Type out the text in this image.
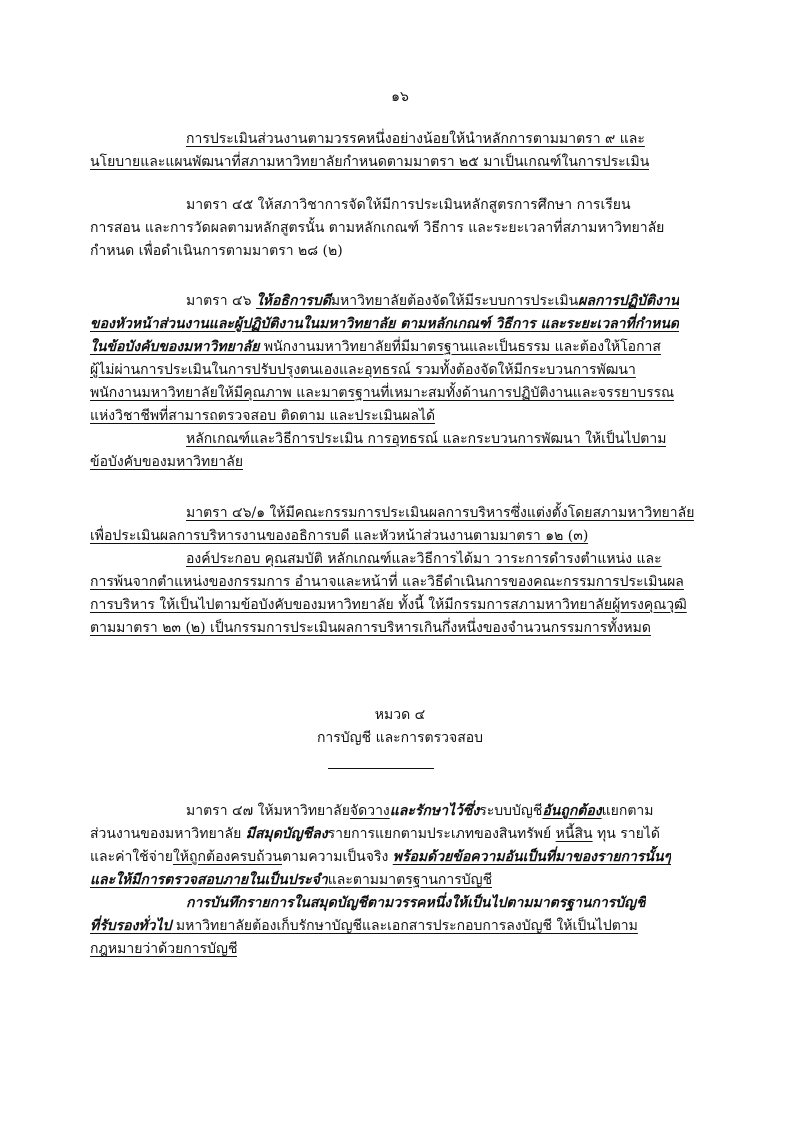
๑๖
การประเมินส่วนงานตามวรรคหนึ่งอย่างน้อยให้นำหลักการตามมาตรา ๙ และ
นโยบายและแผนพัฒนาที่สภามหาวิทยาลัยกำหนดตามมาตรา ๒๕ มาเป็นเกณฑ์ในการประเมิน
มาตรา ๔๕ ให้สภาวิชาการจัดให้มีการประเมินหลักสูตรการศึกษา การเรียน
การสอน และการวัดผลตามหลักสูตรนั้น ตามหลักเกณฑ์ วิธีการ และระยะเวลาที่สภามหาวิทยาลัย
กำหนด เพื่อดำเนินการตามมาตรา ๒๘ (๒)
มาตรา ๔๖ ให้อธิการบดีมหาวิทยาลัยต้องจัดให้มีระบบการประเมินผลการปฏิบัติงาน
ของหัวหน้าส่วนงานและผู้ปฏิบัติงานในมหาวิทยาลัย ตามหลักเกณฑ์ วิธีการ และระยะเวลาที่กำหนด
ในข้อบังคับของมหาวิทยาลัย พนักงานมหาวิทยาลัยที่มีมาตรฐานและเป็นธรรม และต้องให้โอกาส
ผู้ไม่ผ่านการประเมินในการปรับปรุงตนเองและอุทธรณ์ รวมทั้งต้องจัดให้มีกระบวนการพัฒนา
พนักงานมหาวิทยาลัยให้มีคุณภาพ และมาตรฐานที่เหมาะสมทั้งด้านการปฏิบัติงานและจรรยาบรรณ
แห่งวิชาชีพที่สามารถตรวจสอบ ติดตาม และประเมินผลได้
หลักเกณฑ์และวิธีการประเมิน การอุทธรณ์ และกระบวนการพัฒนา ให้เป็นไปตาม
ข้อบังคับของมหาวิทยาลัย
มาตรา ๔๖/๑ ให้มีคณะกรรมการประเมินผลการบริหารซึ่งแต่งตั้งโดยสภามหาวิทยาลัย
เพื่อประเมินผลการบริหารงานของอธิการบดี และหัวหน้าส่วนงานตามมาตรา ๑๒ (๓)
องค์ประกอบ คุณสมบัติ หลักเกณฑ์และวิธีการได้มา วาระการดำรงตำแหน่ง และ
การพ้นจากตำแหน่งของกรรมการ อำนาจและหน้าที่ และวิธีดำเนินการของคณะกรรมการประเมินผล
การบริหาร ให้เป็นไปตามข้อบังคับของมหาวิทยาลัย ทั้งนี้ ให้มีกรรมการสภามหาวิทยาลัยผู้ทรงคุณวุฒิ
ตามมาตรา ๒๓ (๒) เป็นกรรมการประเมินผลการบริหารเกินกึ่งหนึ่งของจำนวนกรรมการทั้งหมด
หมวด ๔
การบัญชี และการตรวจสอบ
มาตรา ๔๗ ให้มหาวิทยาลัยจัดวางและรักษาไว้ซึ่งระบบบัญชีอันถูกต้องแยกตาม
ส่วนงานของมหาวิทยาลัย มีสมุดบัญชีลงรายการแยกตามประเภทของสินทรัพย์ หนี้สิน ทุน รายได้
และค่าใช้จ่ายให้ถูกต้องครบถ้วนตามความเป็นจริง พร้อมด้วยข้อความอันเป็นที่มาของรายการนั้นๆ
และให้มีการตรวจสอบภายในเป็นประจำและตามมาตรฐานการบัญชี
การบันทึกรายการในสมุดบัญชีตามวรรคหนึ่งให้เป็นไปตามมาตรฐานการบัญชี
ที่รับรองทั่วไป มหาวิทยาลัยต้องเก็บรักษาบัญชีและเอกสารประกอบการลงบัญชี ให้เป็นไปตาม
กฎหมายว่าด้วยการบัญชี
